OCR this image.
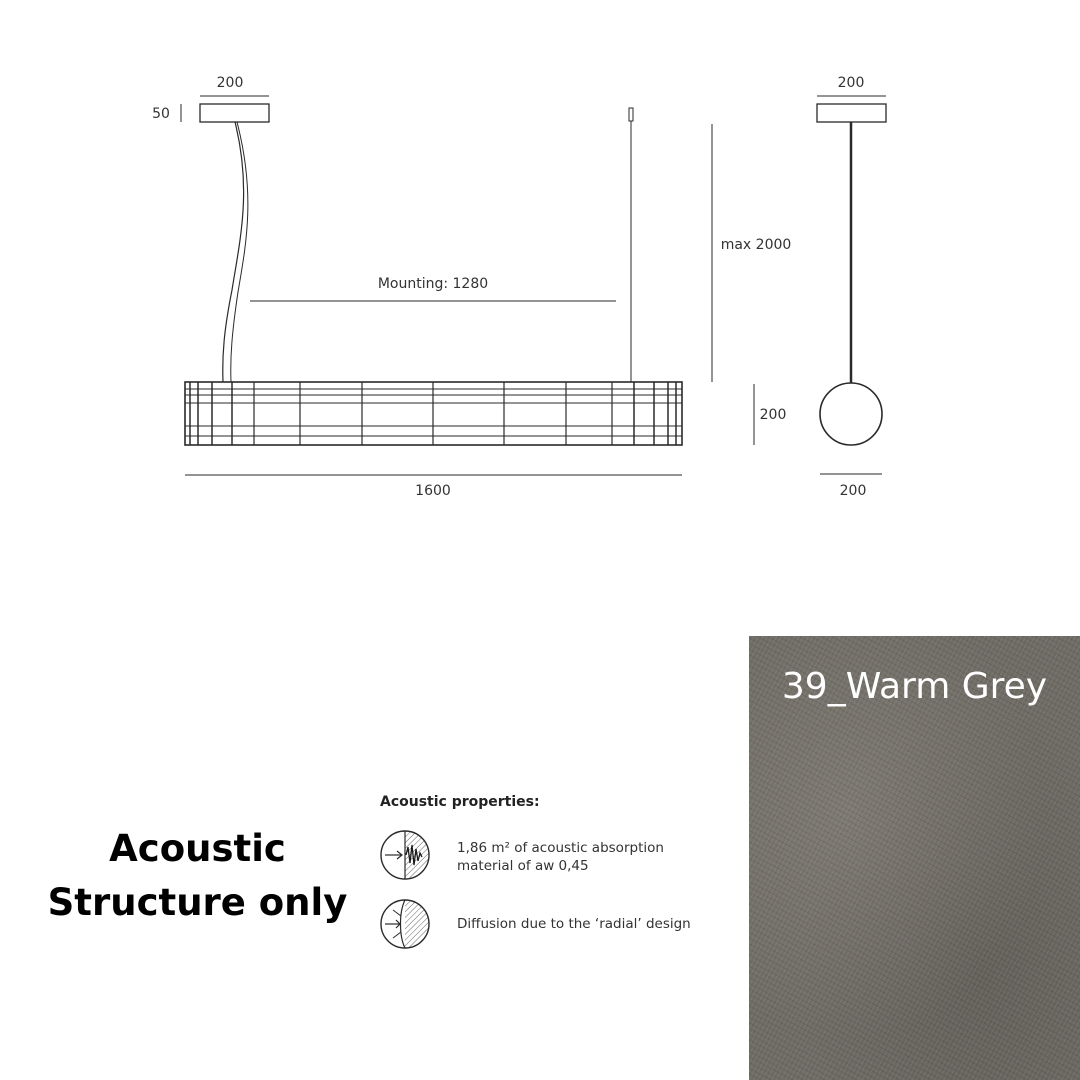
200
50
Mounting: 1280
max 2000
1600
200
200
200
Acoustic
Structure only
Acoustic properties:
1,86 m² of acoustic absorption
material of aw 0,45
Diffusion due to the ‘radial’ design
39_Warm Grey
